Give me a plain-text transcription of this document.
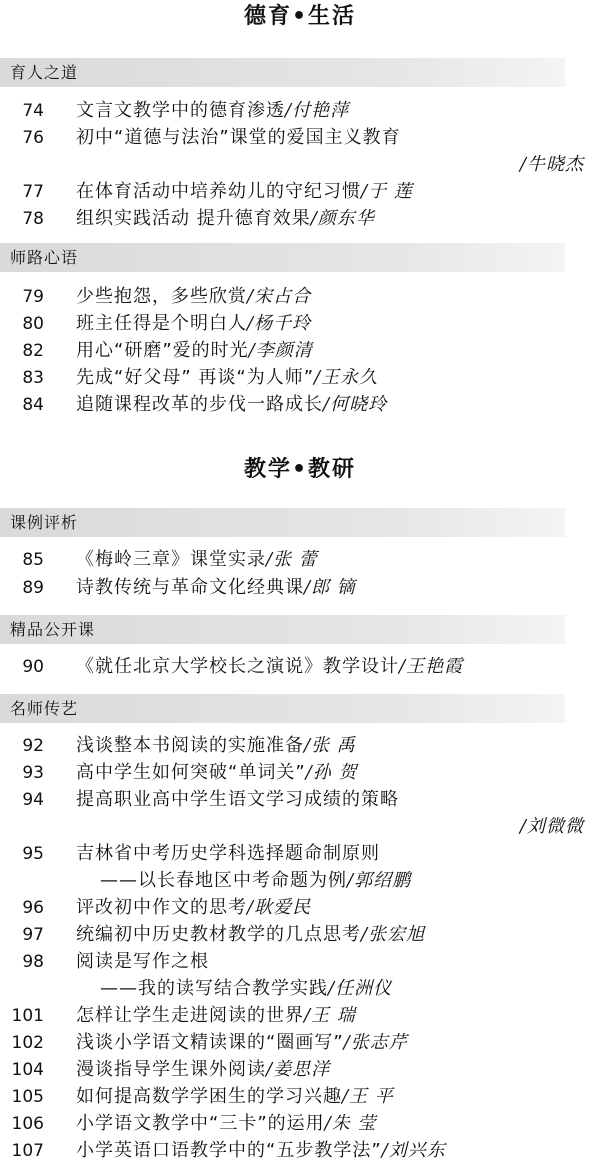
德育•生活
育人之道
74 文言文教学中的德育渗透/付艳萍
76 初中“道德与法治”课堂的爱国主义教育
/牛晓杰
77 在体育活动中培养幼儿的守纪习惯/于 莲
78 组织实践活动 提升德育效果/颜东华
师路心语
79 少些抱怨，多些欣赏/宋占合
80 班主任得是个明白人/杨千玲
82 用心“研磨”爱的时光/李颜清
83 先成“好父母” 再谈“为人师”/王永久
84 追随课程改革的步伐一路成长/何晓玲
教学•教研
课例评析
85 《梅岭三章》课堂实录/张 蕾
89 诗教传统与革命文化经典课/郎 镝
精品公开课
90 《就任北京大学校长之演说》教学设计/王艳霞
名师传艺
92 浅谈整本书阅读的实施准备/张 禹
93 高中学生如何突破“单词关”/孙 贺
94 提高职业高中学生语文学习成绩的策略
/刘微微
95 吉林省中考历史学科选择题命制原则
——以长春地区中考命题为例/郭绍鹏
96 评改初中作文的思考/耿爱民
97 统编初中历史教材教学的几点思考/张宏旭
98 阅读是写作之根
——我的读写结合教学实践/任洲仪
101 怎样让学生走进阅读的世界/王 瑞
102 浅谈小学语文精读课的“圈画写”/张志芹
104 漫谈指导学生课外阅读/姜思洋
105 如何提高数学学困生的学习兴趣/王 平
106 小学语文教学中“三卡”的运用/朱 莹
107 小学英语口语教学中的“五步教学法”/刘兴东
